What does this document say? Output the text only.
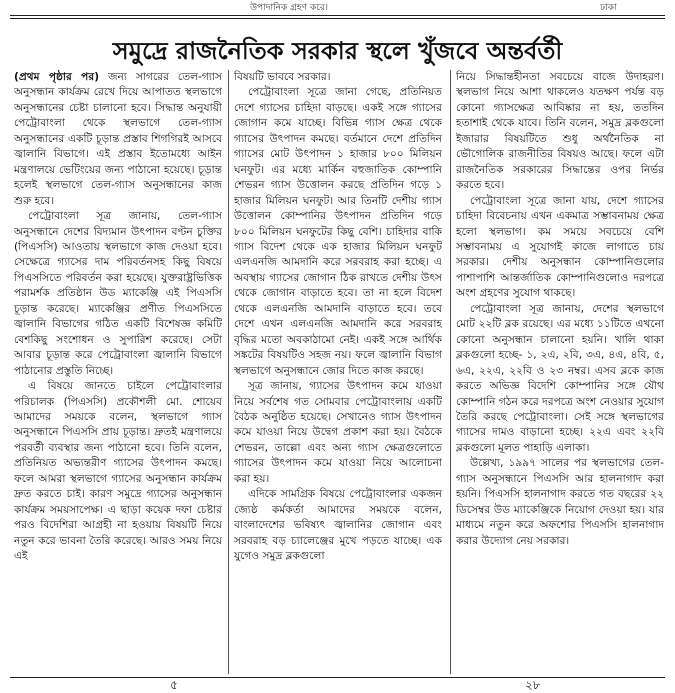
উপাদানিক গ্রহণ করে।	ঢাকা
সমুদ্রে রাজনৈতিক সরকার স্থলে খুঁজবে অন্তর্বর্তী

(প্রথম পৃষ্ঠার পর) জন্য সাগরের তেল-গ্যাস অনুসন্ধান কার্যক্রম রেখে দিয়ে আপাতত স্থলভাগে অনুসন্ধানের চেষ্টা চালানো হবে। সিদ্ধান্ত অনুযায়ী পেট্রোবাংলা থেকে স্থলভাগে তেল-গ্যাস অনুসন্ধানের একটি চূড়ান্ত প্রস্তাব শিগগিরই আসবে জ্বালানি বিভাগে। এই প্রস্তাব ইতোমধ্যে আইন মন্ত্রণালয়ে ভেটিংয়ের জন্য পাঠানো হয়েছে। চূড়ান্ত হলেই স্থলভাগে তেল-গ্যাস অনুসন্ধানের কাজ শুরু হবে।

পেট্রোবাংলা সূত্র জানায়, তেল-গ্যাস অনুসন্ধানে দেশের বিদ্যমান উৎপাদন বণ্টন চুক্তির (পিএসসি) আওতায় স্থলভাগে কাজ দেওয়া হবে। সেক্ষেত্রে গ্যাসের দাম পরিবর্তনসহ কিছু বিষয়ে পিএসসিতে পরিবর্তন করা হয়েছে। যুক্তরাষ্ট্রভিত্তিক পরামর্শক প্রতিষ্ঠান উড ম্যাকেঞ্জি এই পিএসসি চূড়ান্ত করেছে। ম্যাকেঞ্জির প্রণীত পিএসসিতে জ্বালানি বিভাগের গঠিত একটি বিশেষজ্ঞ কমিটি বেশকিছু সংশোধন ও সুপারিশ করেছে। সেটা আবার চূড়ান্ত করে পেট্রোবাংলা জ্বালানি বিভাগে পাঠানোর প্রস্তুতি নিচ্ছে।

এ বিষয়ে জানতে চাইলে পেট্রোবাংলার পরিচালক (পিএসসি) প্রকৌশলী মো. শোয়েব আমাদের সময়কে বলেন, স্থলভাগে গ্যাস অনুসন্ধানে পিএসসি প্রায় চূড়ান্ত। দ্রুতই মন্ত্রণালয়ে পরবর্তী ব্যবস্থার জন্য পাঠানো হবে। তিনি বলেন, প্রতিনিয়ত অভ্যন্তরীণ গ্যাসের উৎপাদন কমছে। ফলে আমরা স্থলভাগে গ্যাসের অনুসন্ধান কার্যক্রম দ্রুত করতে চাই। কারণ সমুদ্রে গ্যাসের অনুসন্ধান কার্যক্রম সময়সাপেক্ষ। এ ছাড়া কয়েক দফা চেষ্টার পরও বিদেশিরা আগ্রহী না হওয়ায় বিষয়টি নিয়ে নতুন করে ভাবনা তৈরি করেছে। আরও সময় নিয়ে এই

বিষয়টি ভাববে সরকার।

পেট্রোবাংলা সূত্রে জানা গেছে, প্রতিনিয়ত দেশে গ্যাসের চাহিদা বাড়ছে। একই সঙ্গে গ্যাসের জোগান কমে যাচ্ছে। বিভিন্ন গ্যাস ক্ষেত্র থেকে গ্যাসের উৎপাদন কমছে। বর্তমানে দেশে প্রতিদিন গ্যাসের মোট উৎপাদন ১ হাজার ৮০০ মিলিয়ন ঘনফুট। এর মধ্যে মার্কিন বহুজাতিক কোম্পানি শেভরন গ্যাস উত্তোলন করছে প্রতিদিন গড়ে ১ হাজার মিলিয়ন ঘনফুট। আর তিনটি দেশীয় গ্যাস উত্তোলন কোম্পানির উৎপাদন প্রতিদিন গড়ে ৮০০ মিলিয়ন ঘনফুটের কিছু বেশি। চাহিদার বাকি গ্যাস বিদেশ থেকে এক হাজার মিলিয়ন ঘনফুট এলএনজি আমদানি করে সরবরাহ করা হচ্ছে। এ অবস্থায় গ্যাসের জোগান ঠিক রাখতে দেশীয় উৎস থেকে জোগান বাড়াতে হবে। তা না হলে বিদেশ থেকে এলএনজি আমদানি বাড়াতে হবে। তবে দেশে এখন এলএনজি আমদানি করে সরবরাহ বৃদ্ধির মতো অবকাঠামো নেই। একই সঙ্গে আর্থিক সঙ্কটের বিষয়টিও সহজ নয়। ফলে জ্বালানি বিভাগ স্থলভাগে অনুসন্ধানে জোর দিতে কাজ করছে।

সূত্র জানায়, গ্যাসের উৎপাদন কমে যাওয়া নিয়ে সর্বশেষ গত সোমবার পেট্রোবাংলায় একটি বৈঠক অনুষ্ঠিত হয়েছে। সেখানেও গ্যাস উৎপাদন কমে যাওয়া নিয়ে উদ্বেগ প্রকাশ করা হয়। বৈঠকে শেভরন, তাল্লো এবং অন্য গ্যাস ক্ষেত্রগুলোতে গ্যাসের উৎপাদন কমে যাওয়া নিয়ে আলোচনা করা হয়।

এদিকে সামগ্রিক বিষয়ে পেট্রোবাংলার একজন জ্যেষ্ঠ কর্মকর্তা আমাদের সময়কে বলেন, বাংলাদেশের ভবিষ্যৎ জ্বালানির জোগান এবং সরবরাহ বড় চ্যালেঞ্জের মুখে পড়তে যাচ্ছে। এক যুগেও সমুদ্র ব্লকগুলো

নিয়ে সিদ্ধান্তহীনতা সবচেয়ে বাজে উদাহরণ। স্থলভাগ নিয়ে আশা থাকলেও যতক্ষণ পর্যন্ত বড় কোনো গ্যাসক্ষেত্র আবিষ্কার না হয়, ততদিন হতাশাই থেকে যাবে। তিনি বলেন, সমুদ্র ব্লকগুলো ইজারার বিষয়টিতে শুধু অর্থনৈতিক না ভৌগোলিক রাজনীতির বিষয়ও আছে। ফলে এটা রাজনৈতিক সরকারের সিদ্ধান্তের ওপর নির্ভর করতে হবে।

পেট্রোবাংলা সূত্রে জানা যায়, দেশে গ্যাসের চাহিদা বিবেচনায় এখন একমাত্র সম্ভাবনাময় ক্ষেত্র হলো স্থলভাগ। কম সময়ে সবচেয়ে বেশি সম্ভাবনাময় এ সুযোগই কাজে লাগাতে চায় সরকার। দেশীয় অনুসন্ধান কোম্পানিগুলোর পাশাপাশি আন্তর্জাতিক কোম্পানিগুলোও দরপত্রে অংশ গ্রহণের সুযোগ থাকছে।

পেট্রোবাংলা সূত্র জানায়, দেশের স্থলভাগে মোট ২২টি ব্লক রয়েছে। এর মধ্যে ১১টিতে এখনো কোনো অনুসন্ধান চালানো হয়নি। খালি থাকা ব্লকগুলো হচ্ছে- ১, ২এ, ২বি, ৩এ, ৪এ, ৪বি, ৫, ৬এ, ২২এ, ২২বি ও ২৩ নম্বর। এসব ব্লকে কাজ করতে অভিজ্ঞ বিদেশি কোম্পানির সঙ্গে যৌথ কোম্পানি গঠন করে দরপত্রে অংশ নেওয়ার সুযোগ তৈরি করছে পেট্রোবাংলা। সেই সঙ্গে স্থলভাগের গ্যাসের দামও বাড়ানো হচ্ছে। ২২এ এবং ২২বি ব্লকগুলো মূলত পাহাড়ি এলাকা।

উল্লেখ্য, ১৯৯৭ সালের পর স্থলভাগের তেল-গ্যাস অনুসন্ধানে পিএসসি আর হালনাগাদ করা হয়নি। পিএসসি হালনাগাদ করতে গত বছরের ২২ ডিসেম্বর উড ম্যাকেঞ্জিকে নিয়োগ দেওয়া হয়। যার মাধ্যমে নতুন করে অফশোর পিএসসি হালনাগাদ করার উদ্যোগ নেয় সরকার।

৫	২৮
